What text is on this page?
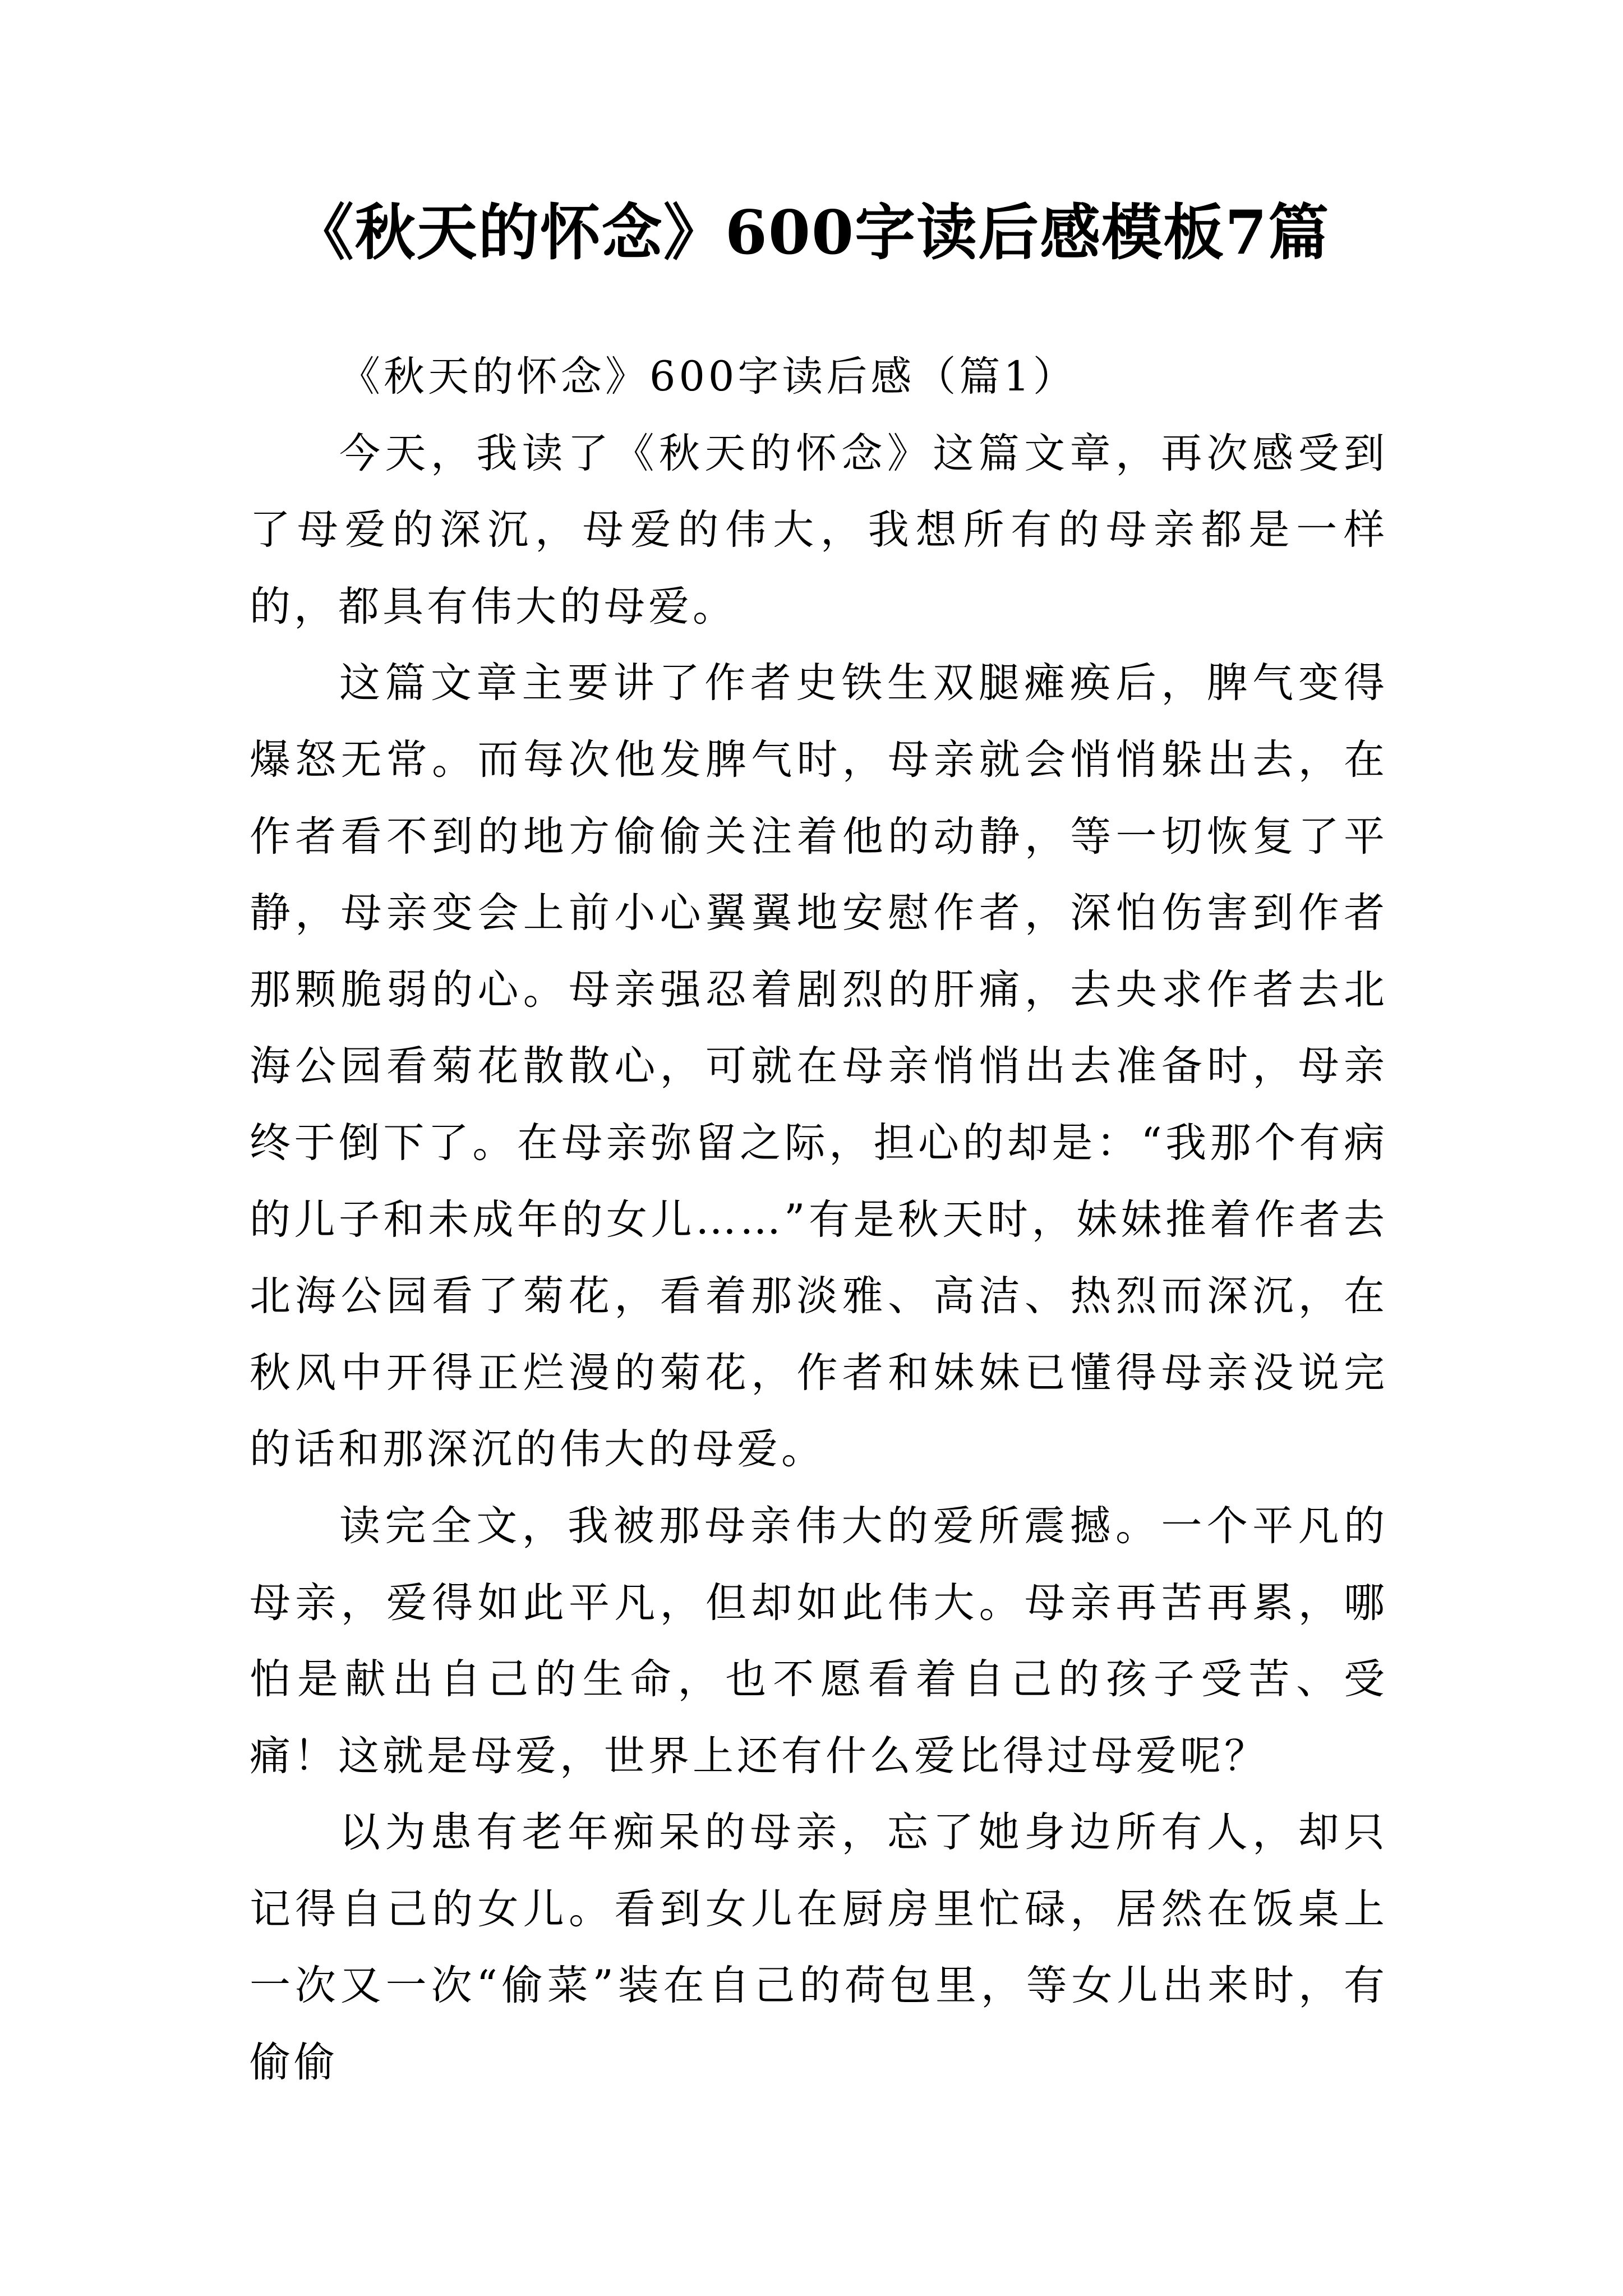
《秋天的怀念》600字读后感模板7篇

《秋天的怀念》600字读后感（篇1）

今天，我读了《秋天的怀念》这篇文章，再次感受到了母爱的深沉，母爱的伟大，我想所有的母亲都是一样的，都具有伟大的母爱。

这篇文章主要讲了作者史铁生双腿瘫痪后，脾气变得爆怒无常。而每次他发脾气时，母亲就会悄悄躲出去，在作者看不到的地方偷偷关注着他的动静，等一切恢复了平静，母亲变会上前小心翼翼地安慰作者，深怕伤害到作者那颗脆弱的心。母亲强忍着剧烈的肝痛，去央求作者去北海公园看菊花散散心，可就在母亲悄悄出去准备时，母亲终于倒下了。在母亲弥留之际，担心的却是：“我那个有病的儿子和未成年的女儿……”有是秋天时，妹妹推着作者去北海公园看了菊花，看着那淡雅、高洁、热烈而深沉，在秋风中开得正烂漫的菊花，作者和妹妹已懂得母亲没说完的话和那深沉的伟大的母爱。

读完全文，我被那母亲伟大的爱所震撼。一个平凡的母亲，爱得如此平凡，但却如此伟大。母亲再苦再累，哪怕是献出自己的生命，也不愿看着自己的孩子受苦、受痛！这就是母爱，世界上还有什么爱比得过母爱呢？

以为患有老年痴呆的母亲，忘了她身边所有人，却只记得自己的女儿。看到女儿在厨房里忙碌，居然在饭桌上一次又一次“偷菜”装在自己的荷包里，等女儿出来时，有偷偷
